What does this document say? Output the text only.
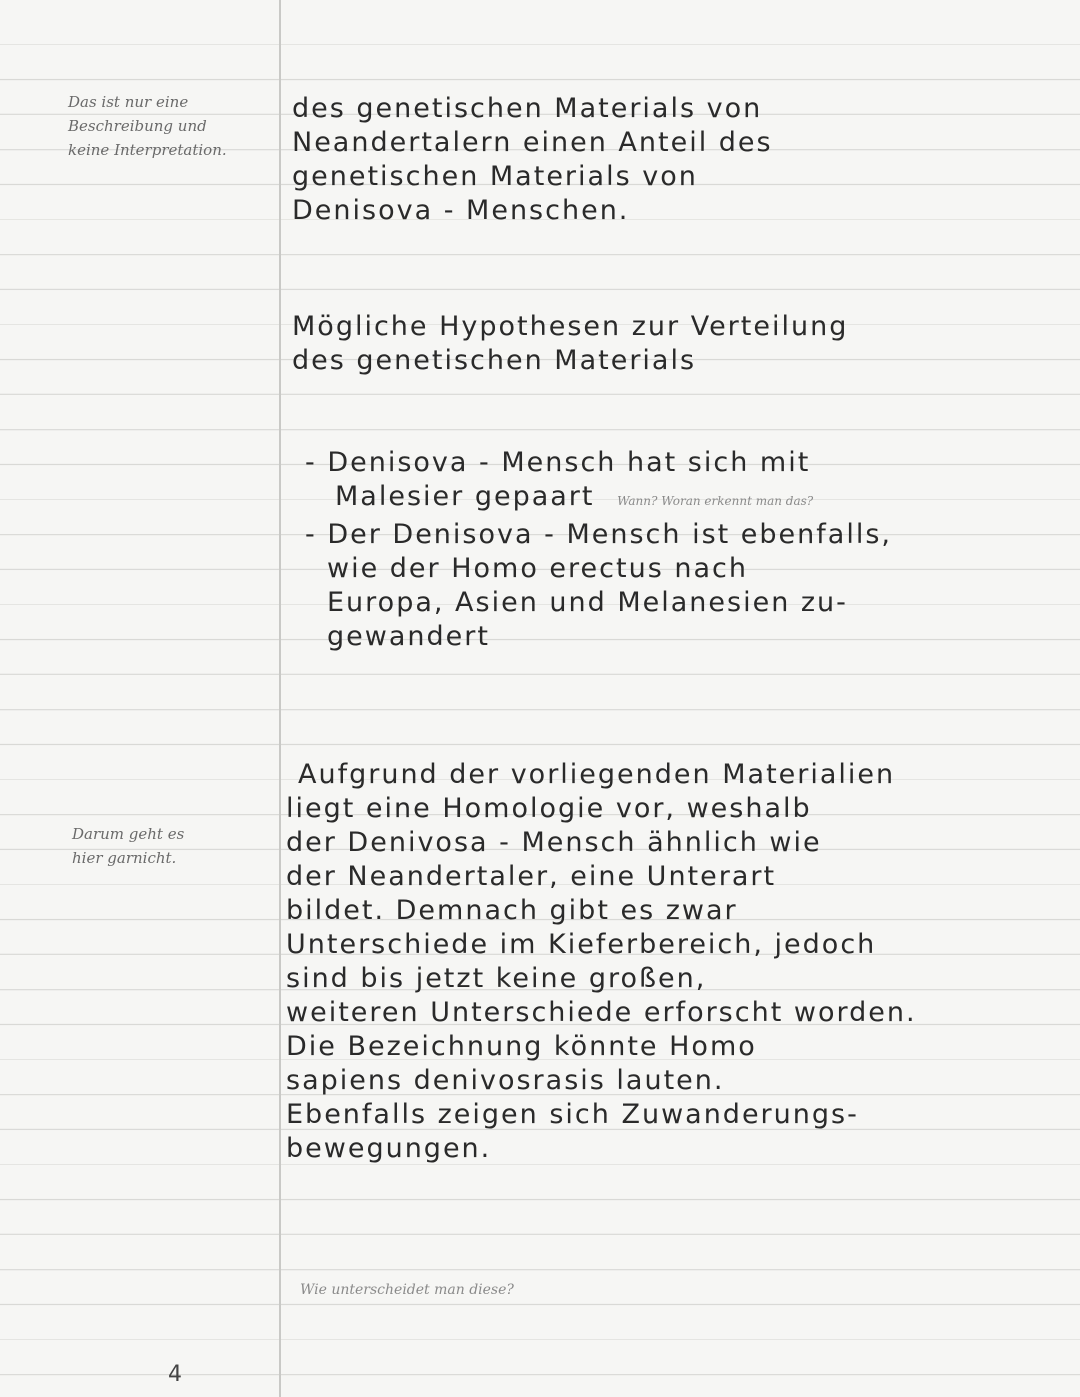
Das ist nur eine
Beschreibung und
keine Interpretation.
Darum geht es
hier garnicht.
des genetischen Materials von
Neandertalern einen Anteil des
genetischen Materials von
Denisova - Menschen.
Mögliche Hypothesen zur Verteilung
des genetischen Materials
- Denisova - Mensch hat sich mit
Malesier gepaart Wann? Woran erkennt man das?
- Der Denisova - Mensch ist ebenfalls,
wie der Homo erectus nach
Europa, Asien und Melanesien zu-
gewandert
Aufgrund der vorliegenden Materialien
liegt eine Homologie vor, weshalb
der Denivosa - Mensch ähnlich wie
der Neandertaler, eine Unterart
bildet. Demnach gibt es zwar
Unterschiede im Kieferbereich, jedoch
sind bis jetzt keine großen,
weiteren Unterschiede erforscht worden.
Die Bezeichnung könnte Homo
sapiens denivosrasis lauten.
Ebenfalls zeigen sich Zuwanderungs-
bewegungen.
Wie unterscheidet man diese?
4
